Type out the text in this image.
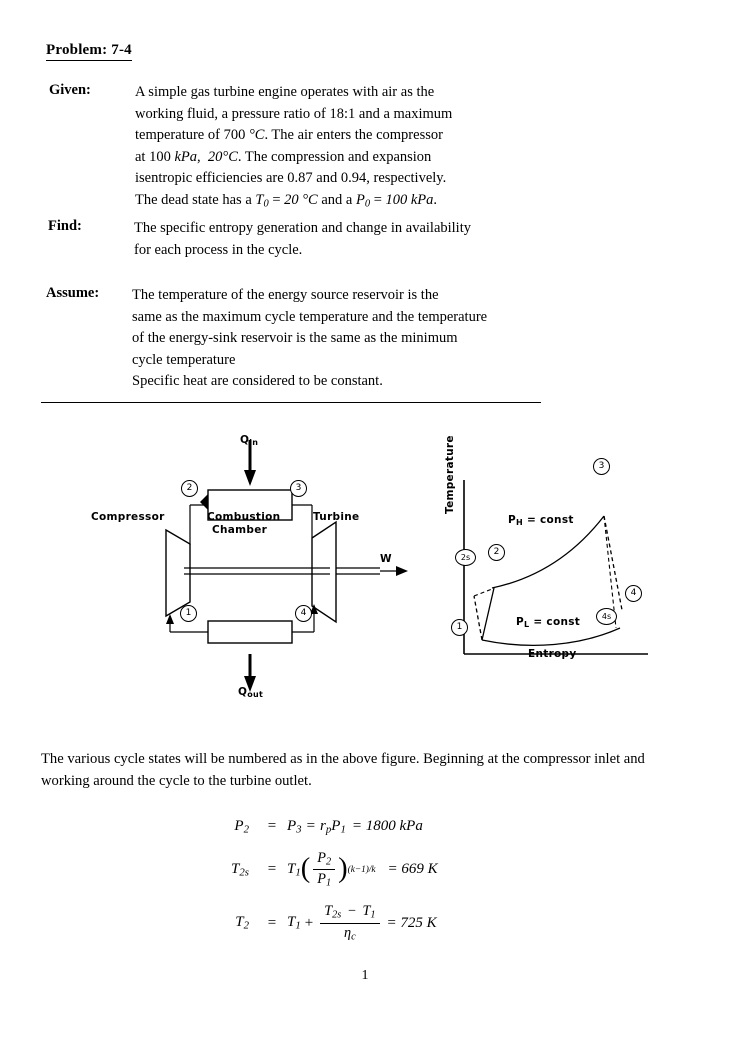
Problem: 7-4
Given:	A simple gas turbine engine operates with air as the
working fluid, a pressure ratio of 18:1 and a maximum
temperature of 700 °C. The air enters the compressor
at 100 kPa,  20°C. The compression and expansion
isentropic efficiencies are 0.87 and 0.94, respectively.
The dead state has a $T_0 = 20$ °C and a $P_0 = 100$ kPa.
Find:	The specific entropy generation and change in availability
for each process in the cycle.
Assume:	The temperature of the energy source reservoir is the
same as the maximum cycle temperature and the temperature
of the energy-sink reservoir is the same as the minimum
cycle temperature
Specific heat are considered to be constant.
Qin
Qout
W
Compressor	Combustion
Chamber
Turbine
2	3
1	4
Temperature
Entropy
PH = const
PL = const
1
2
2s
3
4
4s
The various cycle states will be numbered as in the above figure. Beginning at the compressor inlet and working around the cycle to the turbine outlet.
$P_2$	= $P_3 = r_pP_1 = 1800$ kPa
$T_{2s}$	= $T_1$ ( $\frac{P_2}{P_1}$ ) (k−1)/k = 669 K
$T_2$	= $T_1 + \frac{T_{2s} - T_1}{\eta_c} = 725$ K
1
